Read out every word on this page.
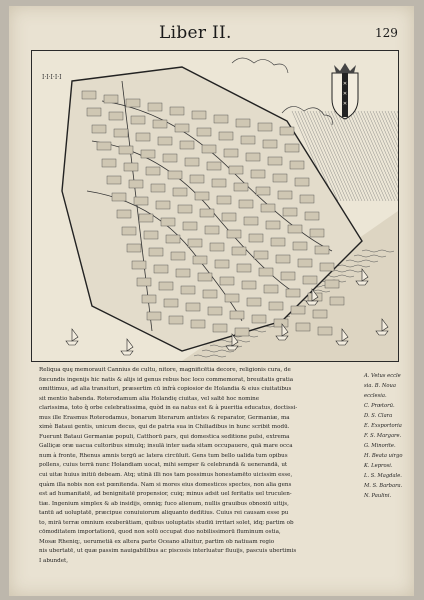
Liber II.	129
✕
✕
✕
I·I·I·I·I
Reliqua quę memorauit Cannius de cultu, nitore, magnificētia decore, religionis cura, de
fœcundis ingenijs hic natis & alijs id genus rebus hoc loco commemorat, breuitatis gratia
omittimus, ad alia transituri, præsertim cū infrà copiosior de Holandia & eius ciuitatibus
sit mentio habenda. Roterodamum alia Holandię ciuitas, vel saltē hoc nomine
clarissima, toto q̃ orbe celebratissima, quòd in ea natus est & à pueritia educatus, doctissi-
mus ille Erasmus Roterodamus, bonarum literarum antistes & reparator, Germaniæ, ma
ximè Bataui gentis, unicum decus, qui de patria sua in Chiliadibus in hunc scribit modū.
Fuerunt Bataui Germaniæ populi, Catthorū pars, qui domestica seditione pulsi, extrema
Galliçæ oræ uacua cultoribus simulq; insulā inter uada sitam occupauere, quā mare occa
num à fronte, Rhenus amnis tergū ac latera circūluit. Gens tum bello ualida tum opibus
pollens, cuius terrā nunc Holandiam uocat, mihi semper & celebrandā & uenerandā, ut
cui uitæ huius initiū debeam. Atq; utinā illi nos tam possimus honestamēto uicissim esse,
quàm illa nobis non est pœnitenda. Nam si mores eius domesticos spectes, non alia gens
est ad humanitatē, ad benignitatē propensior, cuiq; minus adsit uel feritatis uel truculen-
tiæ. Ingenium simplex & ab insidijs, omniq; fuco alienum, nullis grauibus obnoxiū uitijs,
tantū ad uoluptatē, præcipue conuiuiorum aliquanto deditius. Cuius rei causam esse pu
to, mirā terræ omnium exuberātiam, quibus uoluptatis studiū irritari solet, idq; partim ob
cōmoditatem importationū, quod non solū occupat duo nobilissimorū fluminum ostia,
Mosæ Rheniq;, uerumetiā ex altera parte Oceano alluitur, partim ob natiuam regio
nis ubertatē, ut quæ passim nauigabilibus ac piscosis interluatur fluuijs, pascuis ubertimis
I abundet,
A. Vetus eccle
sia. B. Noua
ecclesia.
C. Prætorū.
D. S. Clara
E. Exsportoria
F. S. Margare.
G. Minorite.
H. Beata uirgo
K. Leprosi.
L. S. Magdale.
M. S. Barbara.
N. Paulini.
